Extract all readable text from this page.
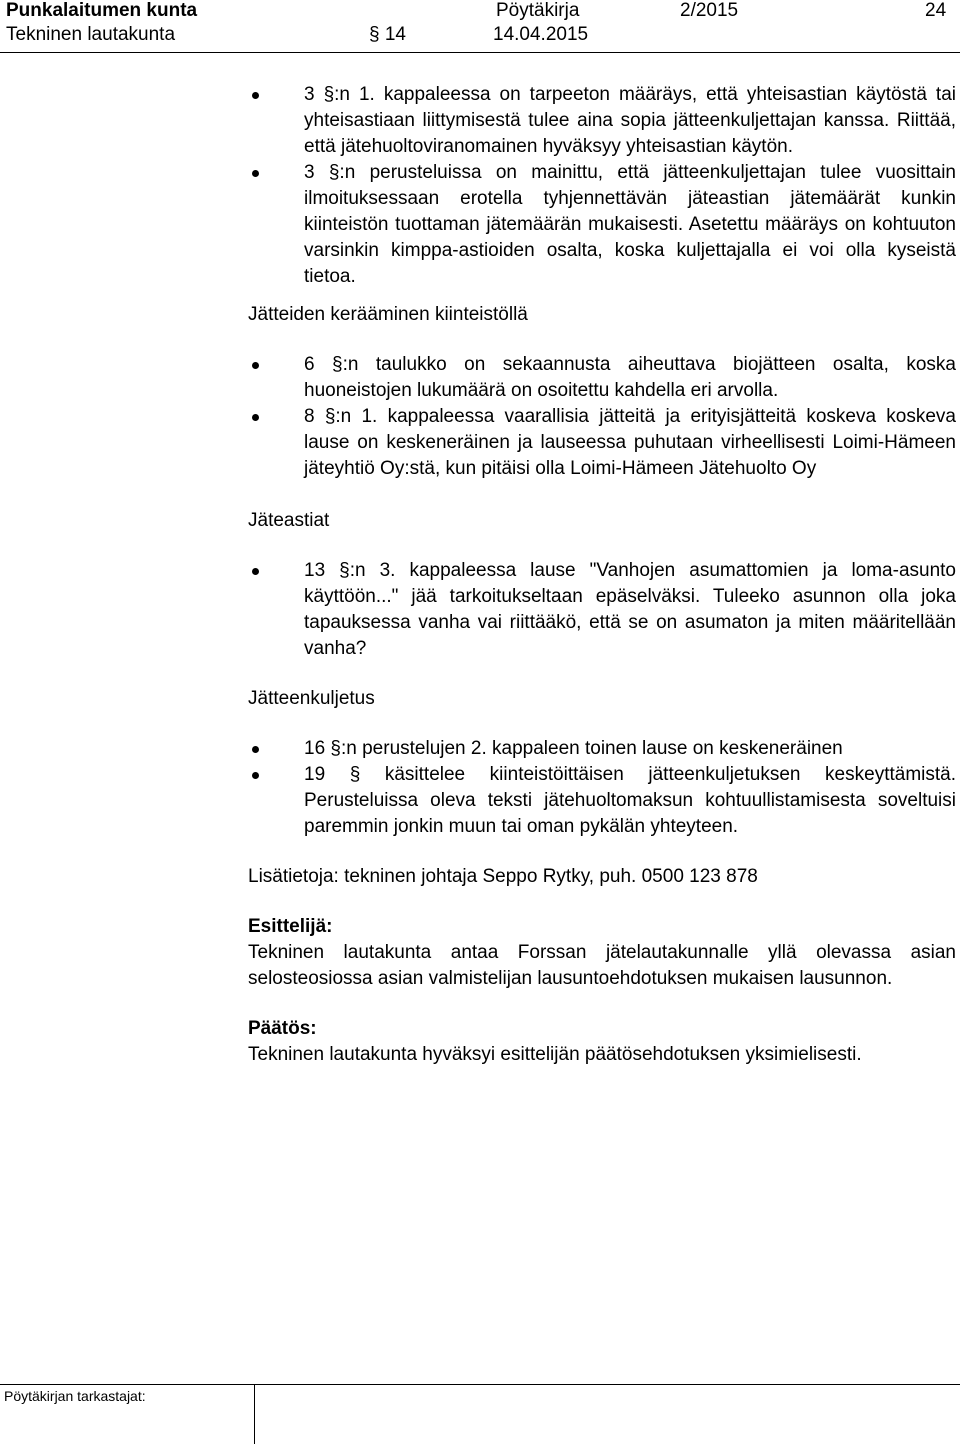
Punkalaitumen kunta	Pöytäkirja	2/2015	24
Tekninen lautakunta	§ 14	14.04.2015
3 §:n 1. kappaleessa on tarpeeton määräys, että yhteisastian käytöstä tai yhteisastiaan liittymisestä tulee aina sopia jätteenkuljettajan kanssa. Riittää, että jätehuoltoviranomainen hyväksyy yhteisastian käytön.
3 §:n perusteluissa on mainittu, että jätteenkuljettajan tulee vuosittain ilmoituksessaan erotella tyhjennettävän jäteastian jätemäärät kunkin kiinteistön tuottaman jätemäärän mukaisesti. Asetettu määräys on kohtuuton varsinkin kimppa-astioiden osalta, koska kuljettajalla ei voi olla kyseistä tietoa.
Jätteiden kerääminen kiinteistöllä
6 §:n taulukko on sekaannusta aiheuttava biojätteen osalta, koska huoneistojen lukumäärä on osoitettu kahdella eri arvolla.
8 §:n 1. kappaleessa vaarallisia jätteitä ja erityisjätteitä koskeva koskeva lause on keskeneräinen ja lauseessa puhutaan virheellisesti Loimi-Hämeen jäteyhtiö Oy:stä, kun pitäisi olla Loimi-Hämeen Jätehuolto Oy
Jäteastiat
13 §:n 3. kappaleessa lause "Vanhojen asumattomien ja loma-asunto käyttöön..." jää tarkoitukseltaan epäselväksi. Tuleeko asunnon olla joka tapauksessa vanha vai riittääkö, että se on asumaton ja miten määritellään vanha?
Jätteenkuljetus
16 §:n perustelujen 2. kappaleen toinen lause on keskeneräinen
19 § käsittelee kiinteistöittäisen jätteenkuljetuksen keskeyttämistä. Perusteluissa oleva teksti jätehuoltomaksun kohtuullistamisesta soveltuisi paremmin jonkin muun tai oman pykälän yhteyteen.
Lisätietoja: tekninen johtaja Seppo Rytky, puh. 0500 123 878
Esittelijä:
Tekninen lautakunta antaa Forssan jätelautakunnalle yllä olevassa asian selosteosiossa asian valmistelijan lausuntoehdotuksen mukaisen lausunnon.
Päätös:
Tekninen lautakunta hyväksyi esittelijän päätösehdotuksen yksimielisesti.
Pöytäkirjan tarkastajat:
